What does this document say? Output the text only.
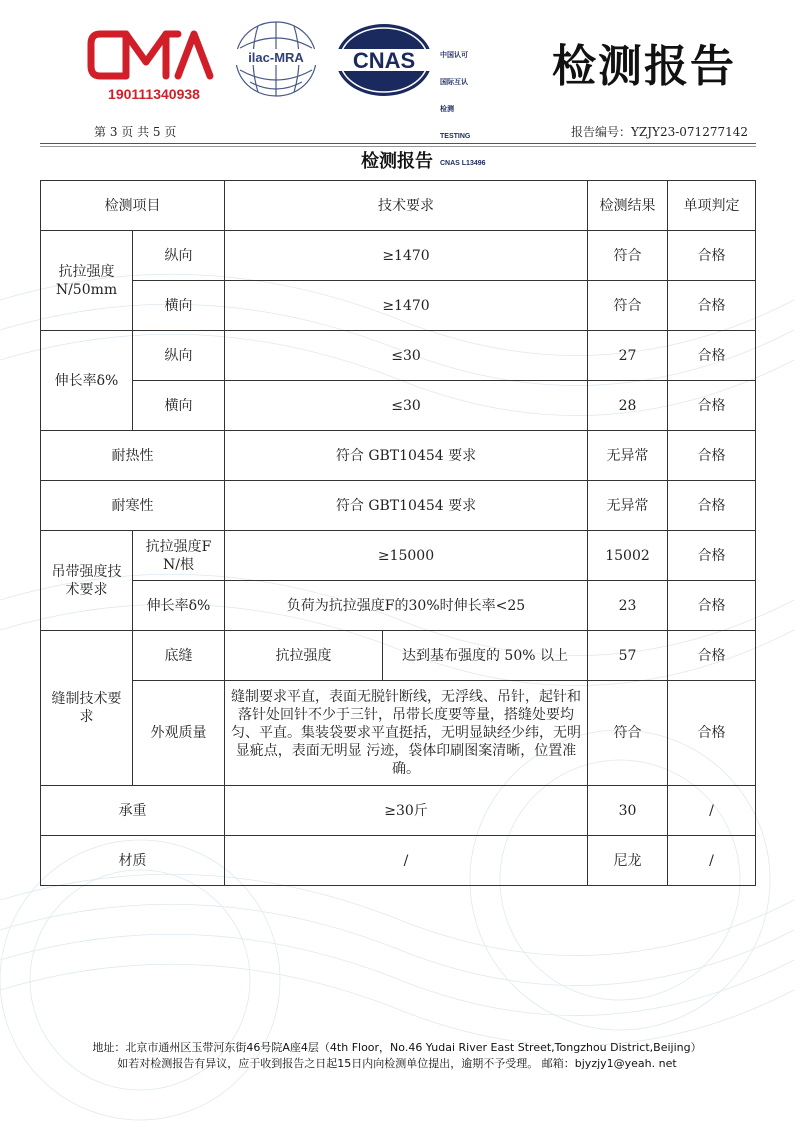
190111340938
ilac-MRA CNAS

	中国认可

国际互认

检测

TESTING

CNAS L13496

检测报告
第 3 页 共 5 页	报告编号：YZJY23-071277142
检测报告
检测项目		技术要求		检测结果	单项判定
抗拉强度
N/50mm	纵向	≥1470		符合	合格
	横向	≥1470		符合	合格
伸长率δ%	纵向	≤30		27	合格
	横向	≤30		28	合格
耐热性		符合 GBT10454 要求		无异常	合格
耐寒性		符合 GBT10454 要求		无异常	合格
吊带强度技术要求	抗拉强度F N/根	≥15000		15002	合格
	伸长率δ%	负荷为抗拉强度F的30%时伸长率<25		23	合格
缝制技术要求	底缝	抗拉强度	达到基布强度的 50% 以上	57	合格
	外观质量	缝制要求平直，表面无脱针断线，无浮线、吊针，起针和落针处回针不少于三针，吊带长度要等量，搭缝处要均匀、平直。集装袋要求平直挺括，无明显缺经少纬，无明显疵点，表面无明显 污迹，袋体印刷图案清晰，位置准确。		符合	合格
承重		≥30斤		30	/
材质		/		尼龙	/
地址：北京市通州区玉带河东街46号院A座4层（4th Floor，No.46 Yudai River East Street,Tongzhou District,Beijing）
如若对检测报告有异议，应于收到报告之日起15日内向检测单位提出，逾期不予受理。 邮箱：bjyzjy1@yeah. net
